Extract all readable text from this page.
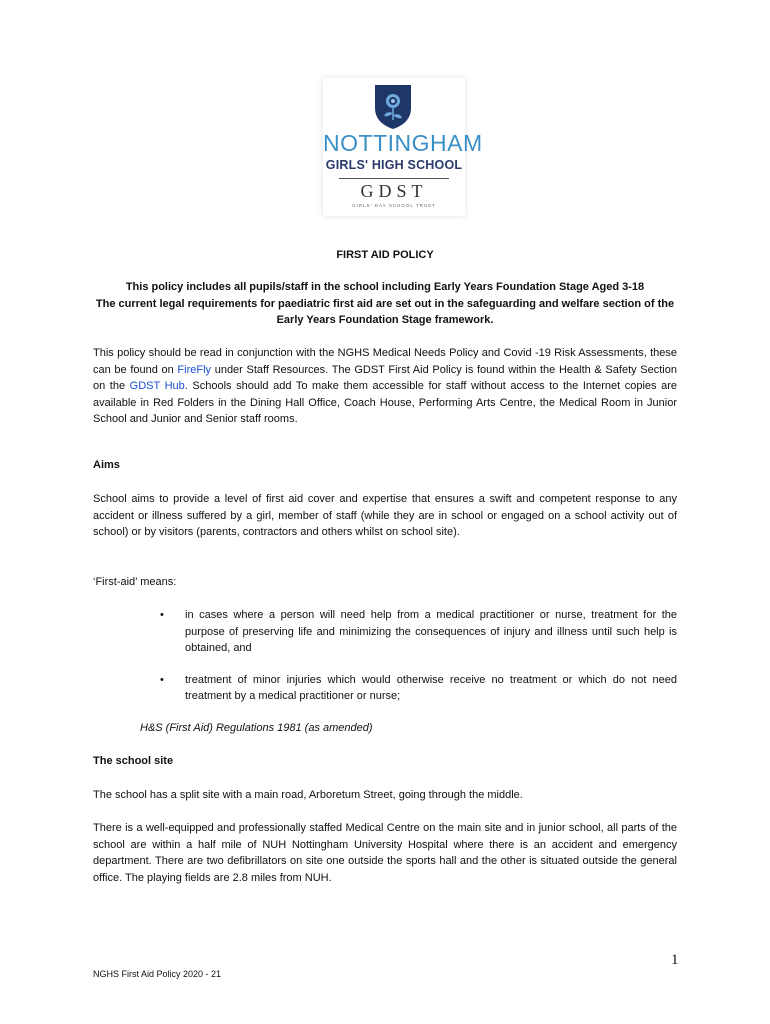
NOTTINGHAM
GIRLS' HIGH SCHOOL
GDST
GIRLS' DAY SCHOOL TRUST
FIRST AID POLICY
This policy includes all pupils/staff in the school including Early Years Foundation Stage Aged 3-18
The current legal requirements for paediatric first aid are set out in the safeguarding and welfare section of the Early Years Foundation Stage framework.
This policy should be read in conjunction with the NGHS Medical Needs Policy and Covid -19 Risk Assessments, these can be found on FireFly under Staff Resources. The GDST First Aid Policy is found within the Health & Safety Section on the GDST Hub. Schools should add To make them accessible for staff without access to the Internet copies are available in Red Folders in the Dining Hall Office, Coach House, Performing Arts Centre, the Medical Room in Junior School and Junior and Senior staff rooms.
Aims
School aims to provide a level of first aid cover and expertise that ensures a swift and competent response to any accident or illness suffered by a girl, member of staff (while they are in school or engaged on a school activity out of school) or by visitors (parents, contractors and others whilst on school site).
‘First-aid’ means:
• in cases where a person will need help from a medical practitioner or nurse, treatment for the purpose of preserving life and minimizing the consequences of injury and illness until such help is obtained, and
• treatment of minor injuries which would otherwise receive no treatment or which do not need treatment by a medical practitioner or nurse;
H&S (First Aid) Regulations 1981 (as amended)
The school site
The school has a split site with a main road, Arboretum Street, going through the middle.
There is a well-equipped and professionally staffed Medical Centre on the main site and in junior school, all parts of the school are within a half mile of NUH Nottingham University Hospital where there is an accident and emergency department. There are two defibrillators on site one outside the sports hall and the other is situated outside the general office. The playing fields are 2.8 miles from NUH.
1
NGHS First Aid Policy 2020 - 21
